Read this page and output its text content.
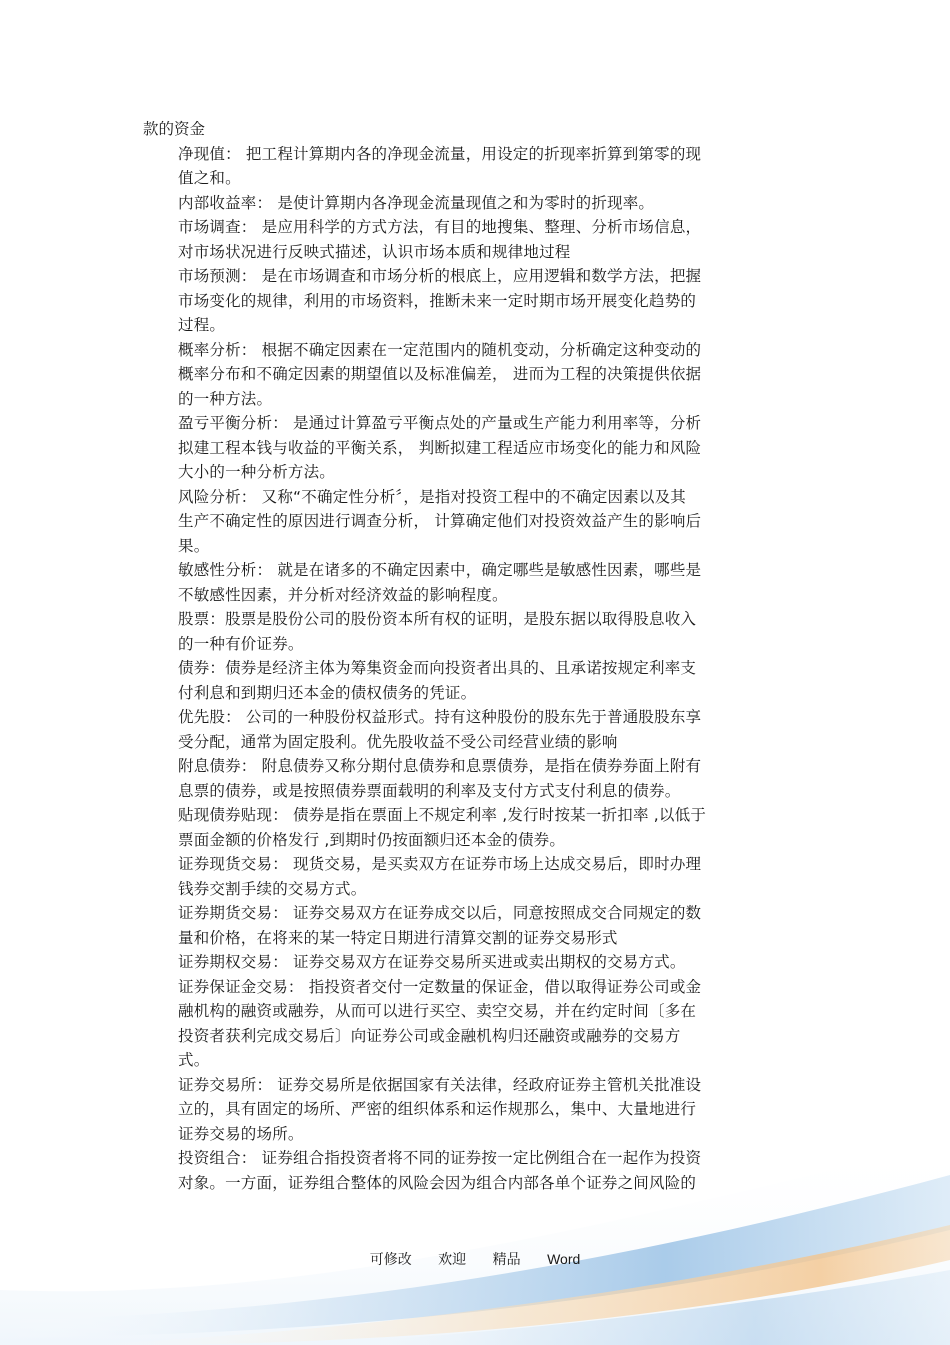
款的资金

净现值： 把工程计算期内各的净现金流量，用设定的折现率折算到第零的现
值之和。
内部收益率： 是使计算期内各净现金流量现值之和为零时的折现率。
市场调查： 是应用科学的方式方法，有目的地搜集、整理、分析市场信息，
对市场状况进行反映式描述，认识市场本质和规律地过程
市场预测： 是在市场调查和市场分析的根底上，应用逻辑和数学方法，把握
市场变化的规律，利用的市场资料，推断未来一定时期市场开展变化趋势的
过程。
概率分析： 根据不确定因素在一定范围内的随机变动，分析确定这种变动的
概率分布和不确定因素的期望值以及标准偏差， 进而为工程的决策提供依据
的一种方法。
盈亏平衡分析： 是通过计算盈亏平衡点处的产量或生产能力利用率等，分析
拟建工程本钱与收益的平衡关系， 判断拟建工程适应市场变化的能力和风险
大小的一种分析方法。
风险分析： 又称“不确定性分析〞，是指对投资工程中的不确定因素以及其
生产不确定性的原因进行调查分析， 计算确定他们对投资效益产生的影响后
果。
敏感性分析： 就是在诸多的不确定因素中，确定哪些是敏感性因素，哪些是
不敏感性因素，并分析对经济效益的影响程度。
股票：股票是股份公司的股份资本所有权的证明，是股东据以取得股息收入
的一种有价证券。
债券：债券是经济主体为筹集资金而向投资者出具的、且承诺按规定利率支
付利息和到期归还本金的债权债务的凭证。
优先股： 公司的一种股份权益形式。持有这种股份的股东先于普通股股东享
受分配，通常为固定股利。优先股收益不受公司经营业绩的影响
附息债券： 附息债券又称分期付息债券和息票债券，是指在债券券面上附有
息票的债券，或是按照债券票面载明的利率及支付方式支付利息的债券。
贴现债券贴现： 债券是指在票面上不规定利率 ,发行时按某一折扣率 ,以低于
票面金额的价格发行 ,到期时仍按面额归还本金的债券。
证券现货交易： 现货交易，是买卖双方在证券市场上达成交易后，即时办理
钱券交割手续的交易方式。
证券期货交易： 证券交易双方在证券成交以后，同意按照成交合同规定的数
量和价格，在将来的某一特定日期进行清算交割的证券交易形式
证券期权交易： 证券交易双方在证券交易所买进或卖出期权的交易方式。
证券保证金交易： 指投资者交付一定数量的保证金，借以取得证券公司或金
融机构的融资或融券，从而可以进行买空、卖空交易，并在约定时间〔多在
投资者获利完成交易后〕向证券公司或金融机构归还融资或融券的交易方
式。
证券交易所： 证券交易所是依据国家有关法律，经政府证券主管机关批准设
立的，具有固定的场所、严密的组织体系和运作规那么，集中、大量地进行
证券交易的场所。
投资组合： 证券组合指投资者将不同的证券按一定比例组合在一起作为投资
对象。一方面，证券组合整体的风险会因为组合内部各单个证券之间风险的
可修改 欢迎 精品 Word
